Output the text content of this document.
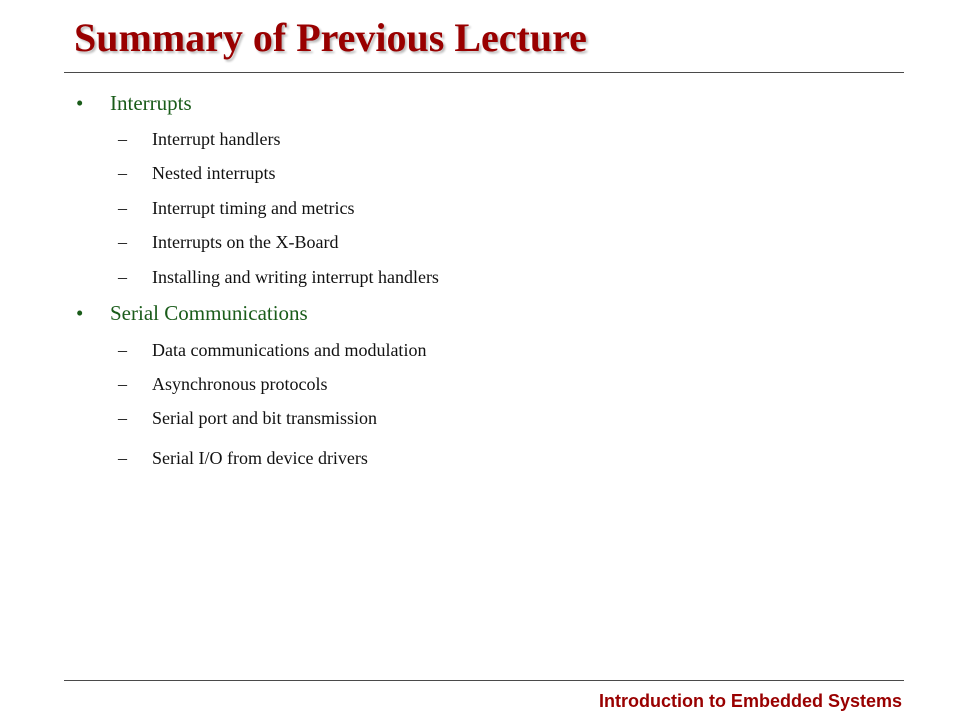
Summary of Previous Lecture
• Interrupts
– Interrupt handlers
– Nested interrupts
– Interrupt timing and metrics
– Interrupts on the X-Board
– Installing and writing interrupt handlers
• Serial Communications
– Data communications and modulation
– Asynchronous protocols
– Serial port and bit transmission
– Serial I/O from device drivers
Introduction to Embedded Systems
